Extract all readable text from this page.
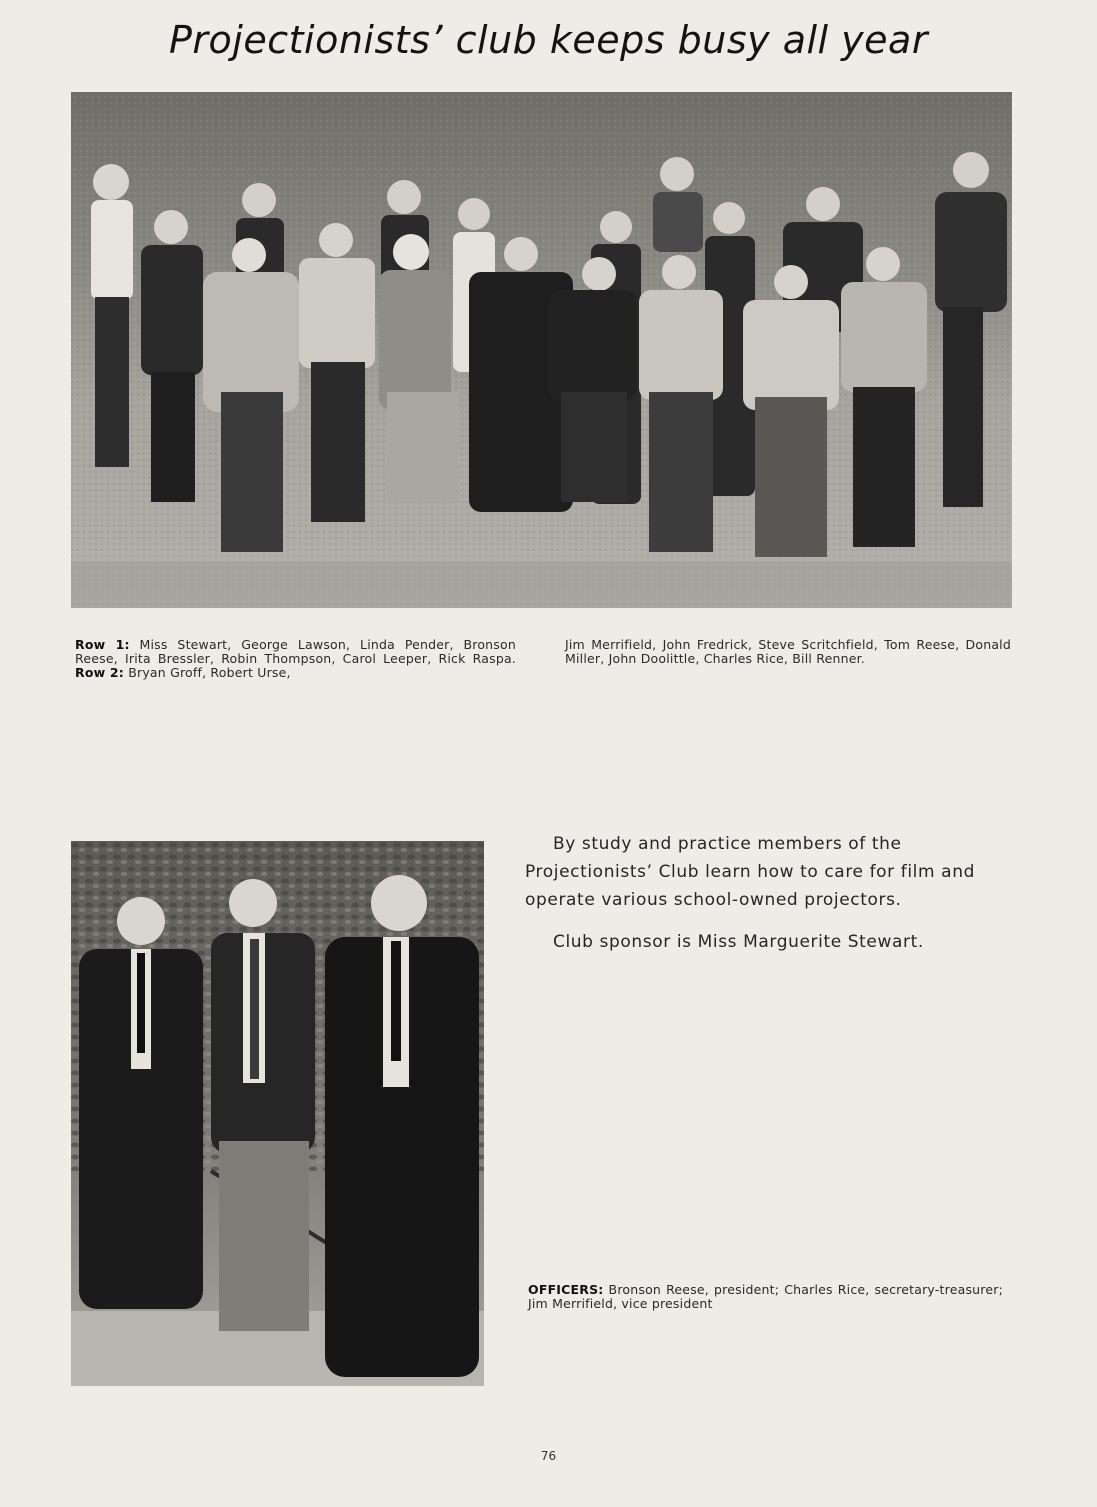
Projectionists’ club keeps busy all year
Row 1: Miss Stewart, George Lawson, Linda Pender, Bronson Reese, Irita Bressler, Robin Thompson, Carol Leeper, Rick Raspa. Row 2: Bryan Groff, Robert Urse,
Jim Merrifield, John Fredrick, Steve Scritchfield, Tom Reese, Donald Miller, John Doolittle, Charles Rice, Bill Renner.

By study and practice members of the Projectionists’ Club learn how to care for film and operate various school-owned projectors.

Club sponsor is Miss Marguerite Stewart.

OFFICERS: Bronson Reese, president; Charles Rice, secretary-treasurer; Jim Merrifield, vice president
76
